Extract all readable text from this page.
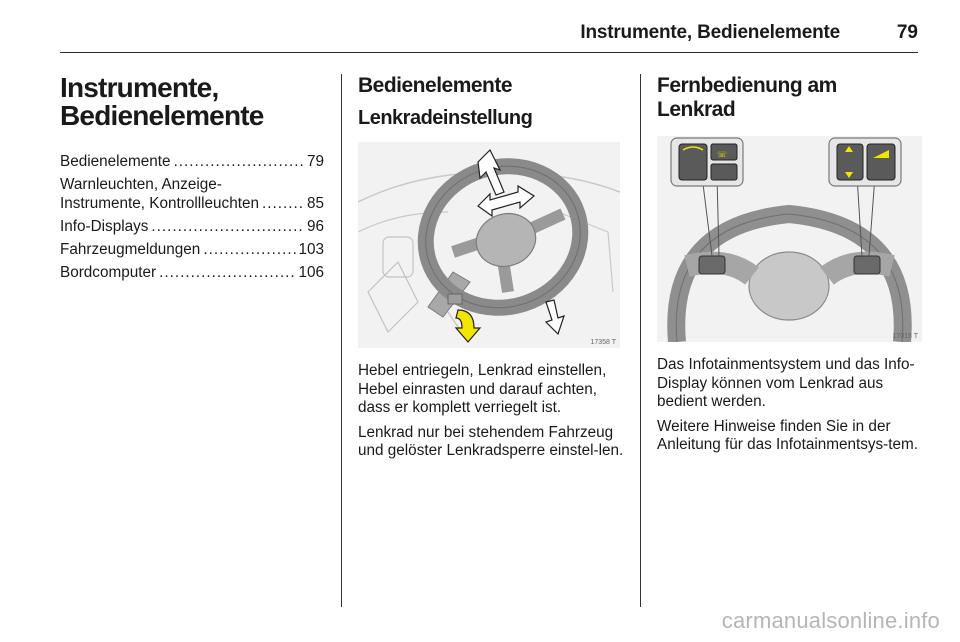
Instrumente, Bedienelemente	79
Instrumente,
Bedienelemente
Bedienelemente .....	79
Warnleuchten, Anzeige-
Instrumente, Kontrollleuchten .....	85
Info-Displays .....	96
Fahrzeugmeldungen .....	103
Bordcomputer .....	106
Bedienelemente
Lenkradeinstellung
17358 T

Hebel entriegeln, Lenkrad einstellen, Hebel einrasten und darauf achten, dass er komplett verriegelt ist.

Lenkrad nur bei stehendem Fahrzeug und gelöster Lenkradsperre einstel-len.

Fernbedienung am Lenkrad
☏
17015 T

Das Infotainmentsystem und das Info-Display können vom Lenkrad aus bedient werden.

Weitere Hinweise finden Sie in der Anleitung für das Infotainmentsys-tem.

carmanualsonline.info
